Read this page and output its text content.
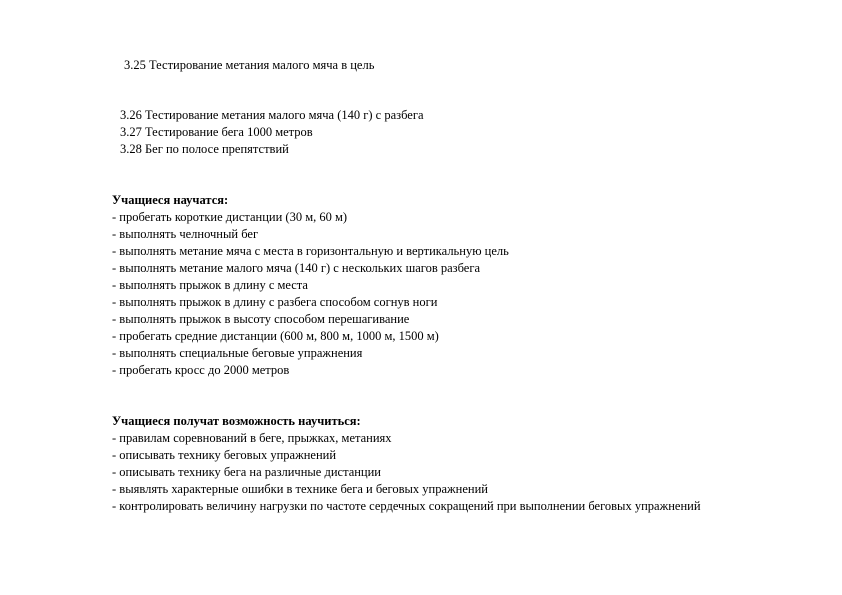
3.25 Тестирование метания малого мяча в цель
3.26 Тестирование метания малого мяча (140 г) с разбега
3.27 Тестирование бега 1000 метров
3.28 Бег по полосе препятствий
Учащиеся научатся:
- пробегать короткие дистанции (30 м, 60 м)
- выполнять челночный бег
- выполнять метание мяча с места в горизонтальную и вертикальную цель
- выполнять метание малого мяча (140 г) с нескольких шагов разбега
- выполнять прыжок в длину с места
- выполнять прыжок в длину с разбега способом согнув ноги
- выполнять прыжок в высоту способом перешагивание
- пробегать средние дистанции (600 м, 800 м, 1000 м, 1500 м)
- выполнять специальные беговые упражнения
- пробегать кросс до 2000 метров
Учащиеся получат возможность научиться:
- правилам соревнований в беге, прыжках, метаниях
- описывать технику беговых упражнений
- описывать технику бега на различные дистанции
- выявлять характерные ошибки в технике бега и беговых упражнений
- контролировать величину нагрузки по частоте сердечных сокращений при выполнении беговых упражнений
